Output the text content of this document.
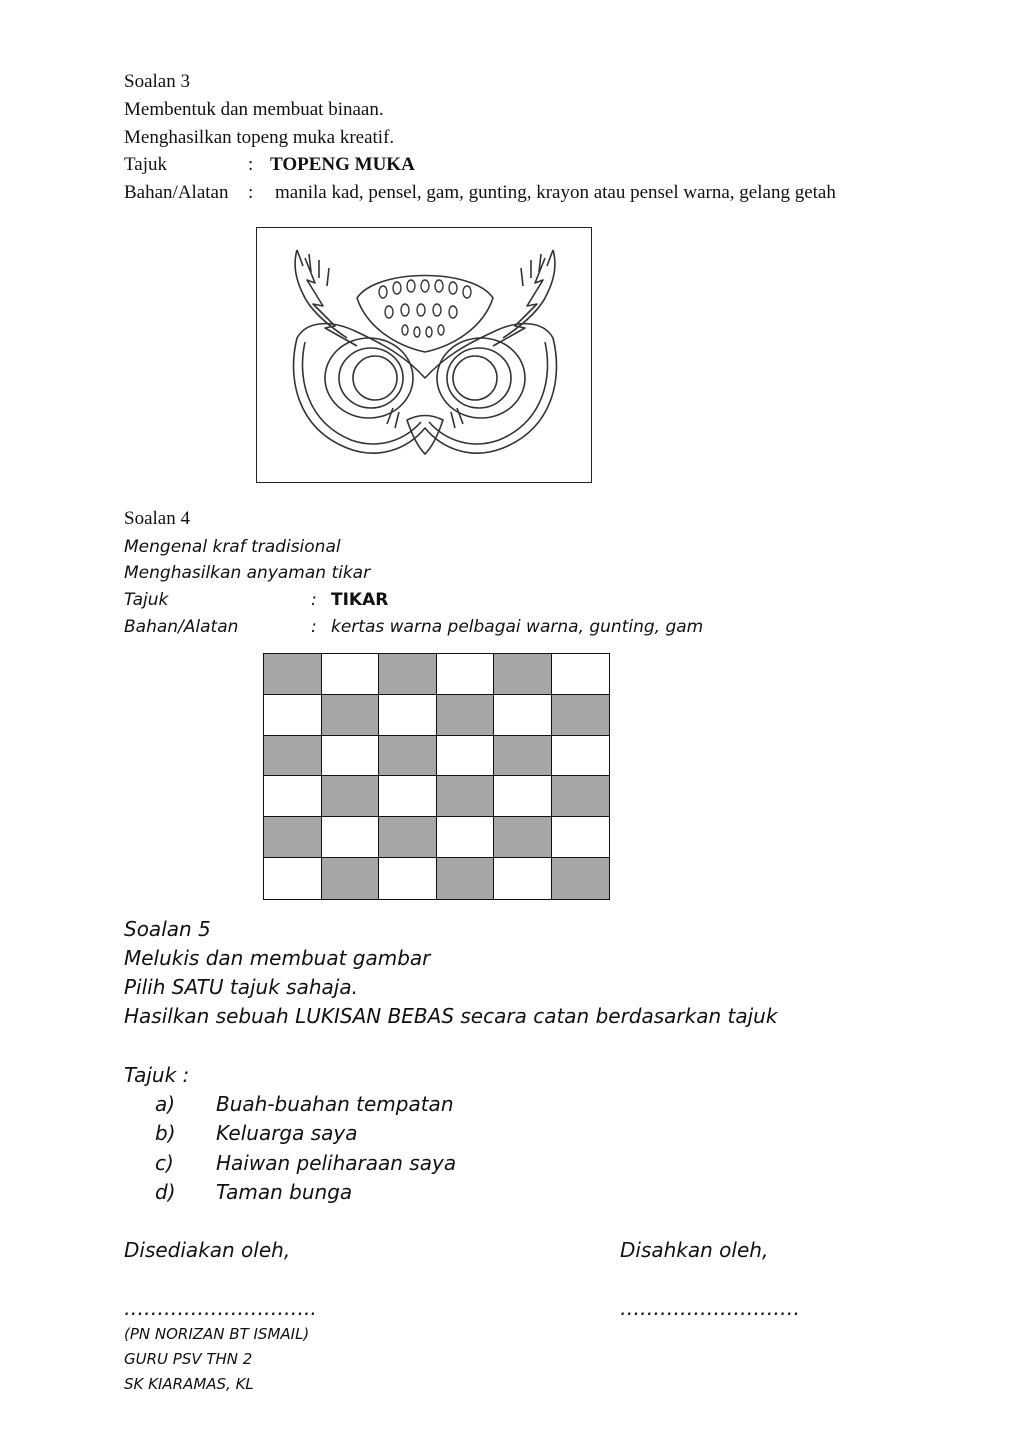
Soalan 3
Membentuk dan membuat binaan.
Menghasilkan topeng muka kreatif.
Tajuk	: TOPENG MUKA
Bahan/Alatan : manila kad, pensel, gam, gunting, krayon atau pensel warna, gelang getah
Soalan 4
Mengenal kraf tradisional
Menghasilkan anyaman tikar
Tajuk	: TIKAR
Bahan/Alatan	: kertas warna pelbagai warna, gunting, gam
Soalan 5
Melukis dan membuat gambar
Pilih SATU tajuk sahaja.
Hasilkan sebuah LUKISAN BEBAS secara catan berdasarkan tajuk
Tajuk :
a) Buah-buahan tempatan
b) Keluarga saya
c) Haiwan peliharaan saya
d) Taman bunga
Disediakan oleh,	Disahkan oleh,
………………………..	………………………
(PN NORIZAN BT ISMAIL)
GURU PSV THN 2
SK KIARAMAS, KL
